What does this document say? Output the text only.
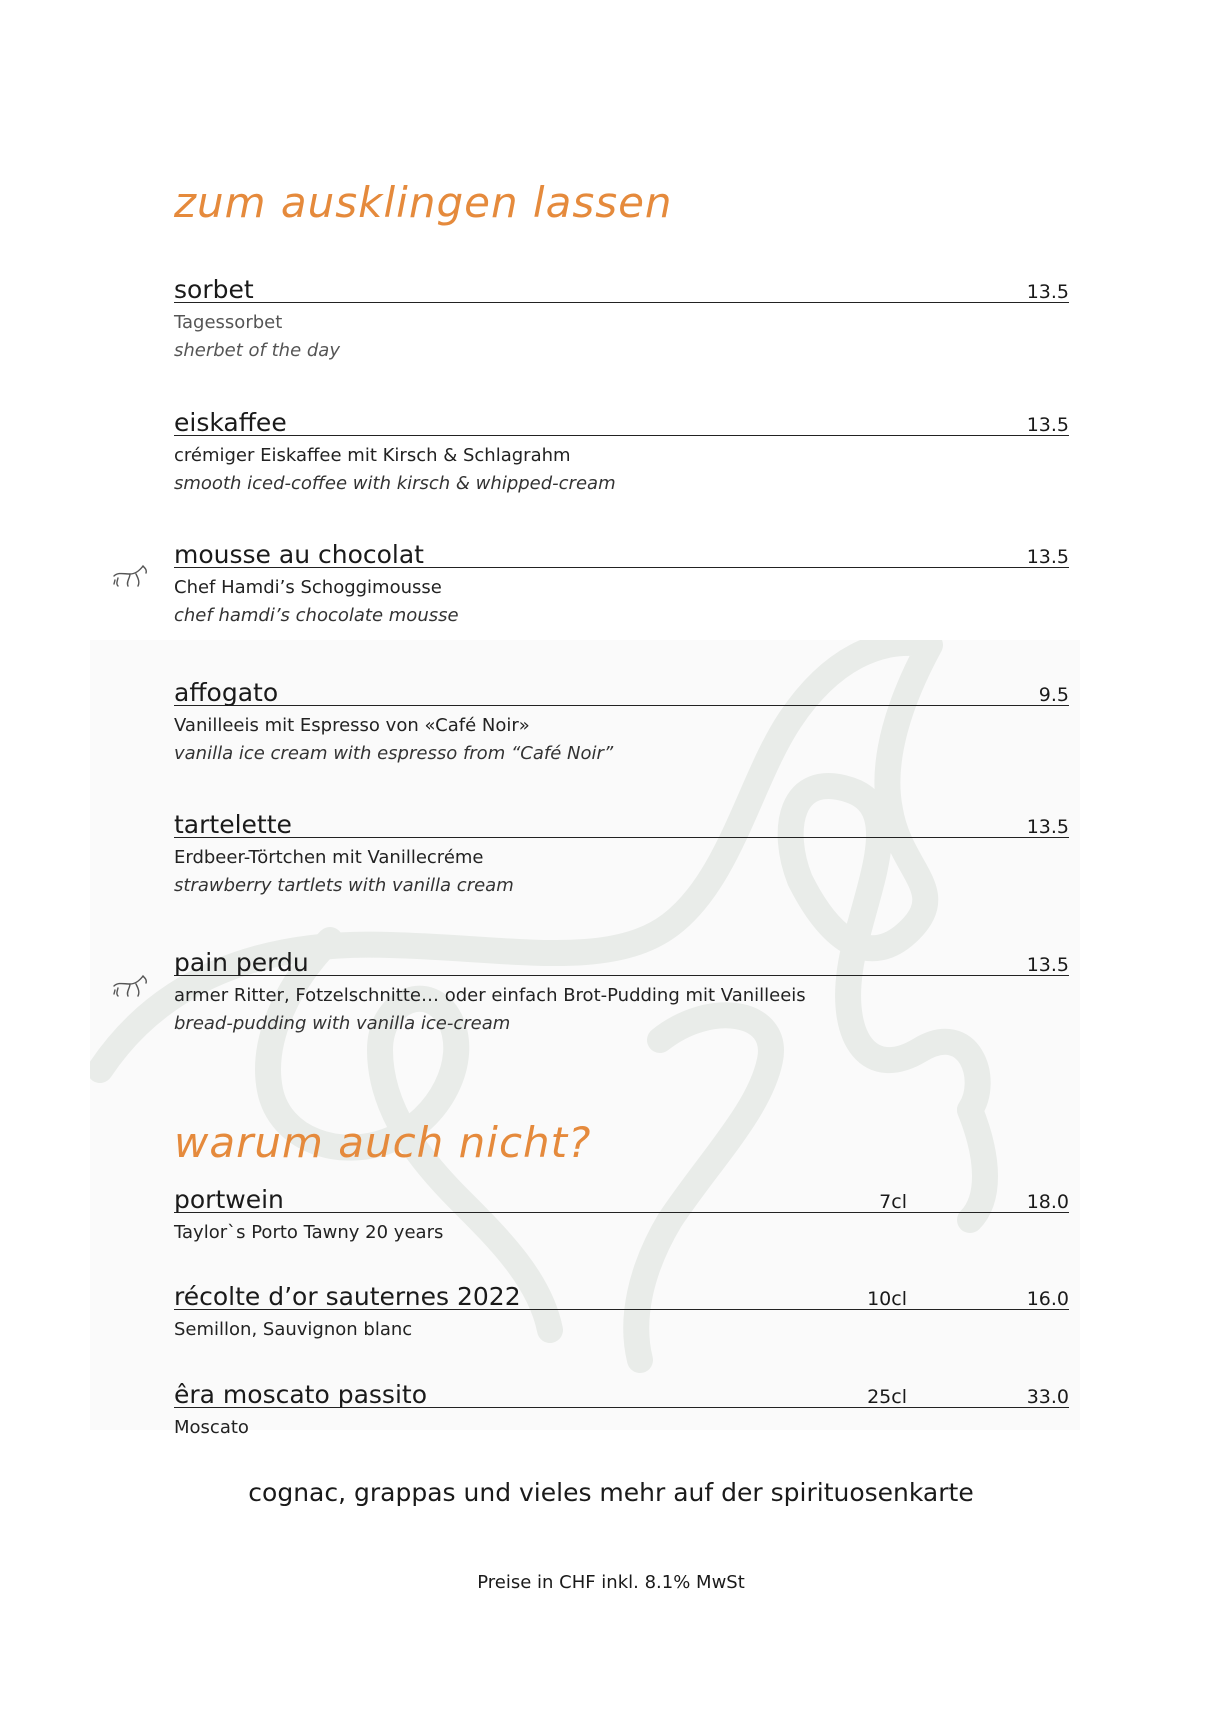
zum ausklingen lassen
sorbet	13.5
Tagessorbet
sherbet of the day
eiskaffee	13.5
crémiger Eiskaffee mit Kirsch & Schlagrahm
smooth iced-coffee with kirsch & whipped-cream
mousse au chocolat	13.5
Chef Hamdi’s Schoggimousse
chef hamdi’s chocolate mousse
affogato	9.5
Vanilleeis mit Espresso von «Café Noir»
vanilla ice cream with espresso from “Café Noir”
tartelette	13.5
Erdbeer-Törtchen mit Vanillecréme
strawberry tartlets with vanilla cream
pain perdu	13.5
armer Ritter, Fotzelschnitte… oder einfach Brot-Pudding mit Vanilleeis
bread-pudding with vanilla ice-cream
warum auch nicht?
portwein	7cl	18.0
Taylor`s Porto Tawny 20 years
récolte d’or sauternes 2022	10cl	16.0
Semillon, Sauvignon blanc
êra moscato passito	25cl	33.0
Moscato
cognac, grappas und vieles mehr auf der spirituosenkarte
Preise in CHF inkl. 8.1% MwSt
